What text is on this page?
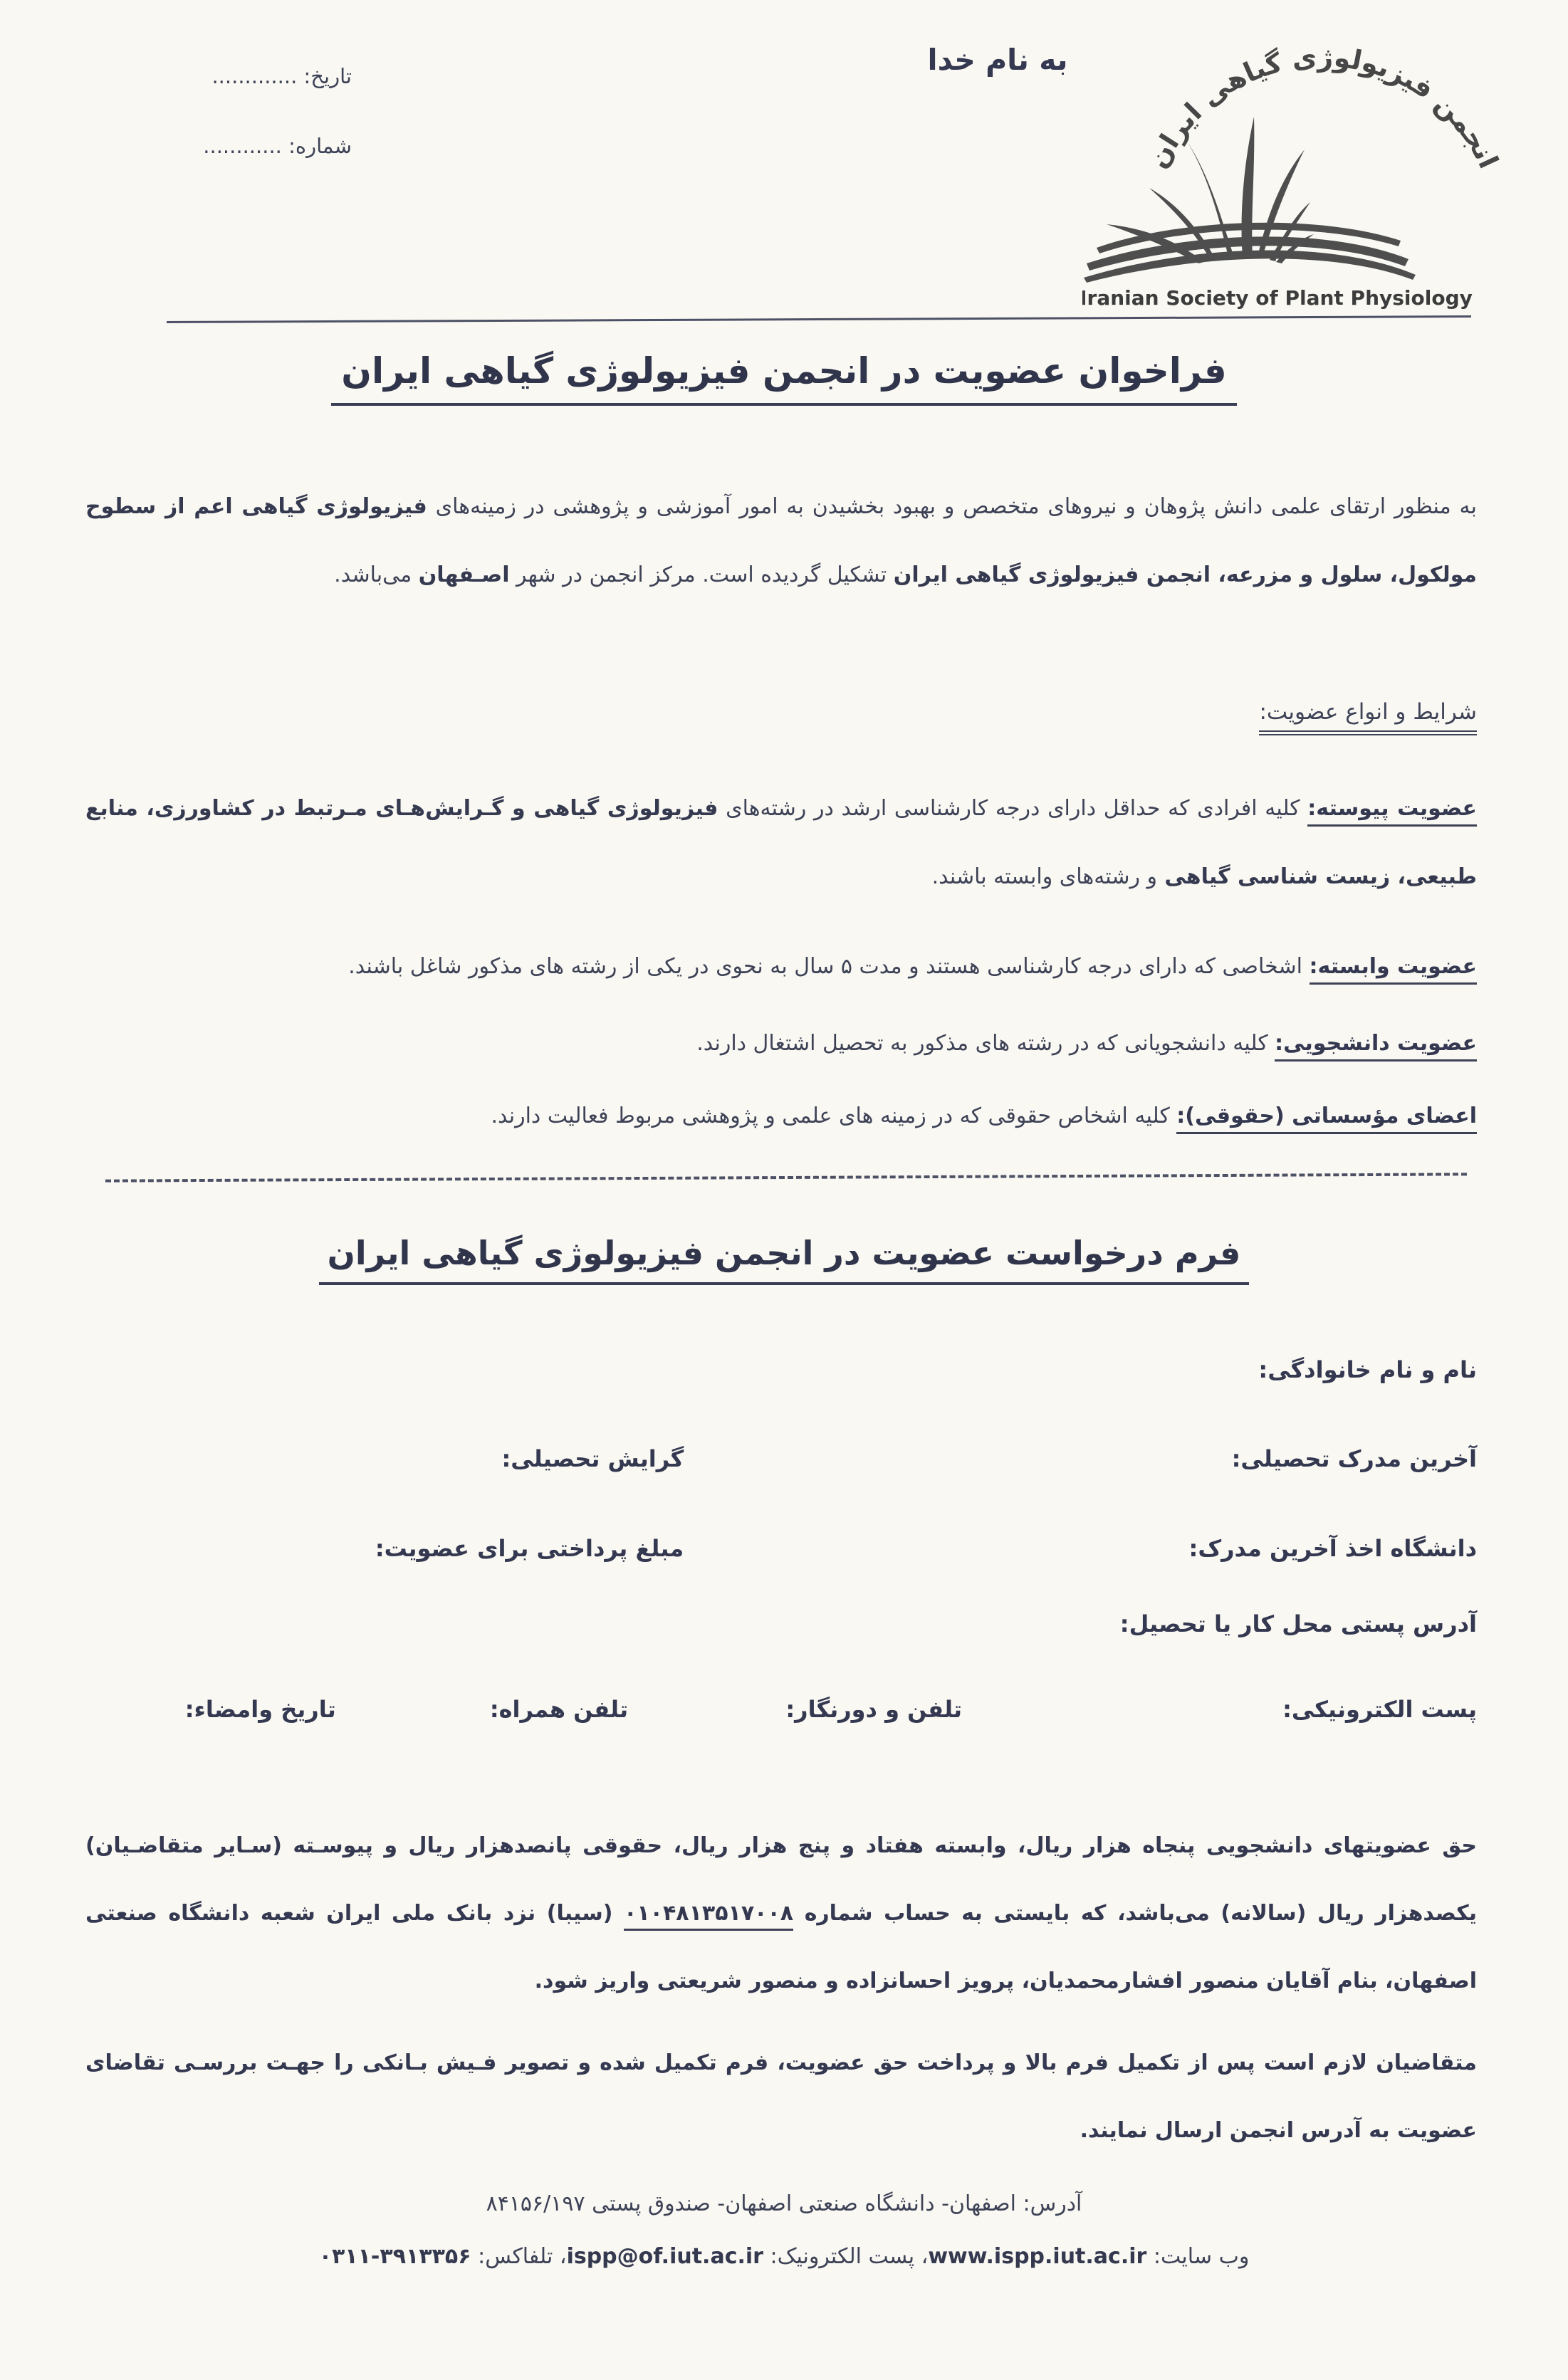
تاریخ: .............
شماره: ............
به نام خدا
انجمن فیزیولوژی گیاهی ایران
Iranian Society of Plant Physiology
فراخوان عضویت در انجمن فیزیولوژی گیاهی ایران

به منظور ارتقای علمی دانش پژوهان و نیروهای متخصص و بهبود بخشیدن به امور آموزشی و پژوهشی در زمینه‌های فیزیولوژی گیاهی اعم از سطوح مولکول، سلول و مزرعه، انجمن فیزیولوژی گیاهی ایران تشکیل گردیده است. مرکز انجمن در شهر اصـفهان می‌باشد.

شرایط و انواع عضویت:

عضویت پیوسته: کلیه افرادی که حداقل دارای درجه کارشناسی ارشد در رشته‌های فیزیولوژی گیاهی و گـرایش‌هـای مـرتبط در کشاورزی، منابع طبیعی، زیست شناسی گیاهی و رشته‌های وابسته باشند.

عضویت وابسته: اشخاصی که دارای درجه کارشناسی هستند و مدت ۵ سال به نحوی در یکی از رشته های مذکور شاغل باشند.

عضویت دانشجویی: کلیه دانشجویانی که در رشته های مذکور به تحصیل اشتغال دارند.

اعضای مؤسساتی (حقوقی): کلیه اشخاص حقوقی که در زمینه های علمی و پژوهشی مربوط فعالیت دارند.

فرم درخواست عضویت در انجمن فیزیولوژی گیاهی ایران
نام و نام خانوادگی:
آخرین مدرک تحصیلی:
گرایش تحصیلی:
دانشگاه اخذ آخرین مدرک:
مبلغ پرداختی برای عضویت:
آدرس پستی محل کار یا تحصیل:
پست الکترونیکی:
تلفن و دورنگار:
تلفن همراه:
تاریخ وامضاء:

حق عضویتهای دانشجویی پنجاه هزار ریال، وابسته هفتاد و پنج هزار ریال، حقوقی پانصدهزار ریال و پیوسـته (سـایر متقاضـیان) یکصدهزار ریال (سالانه) می‌باشد، که بایستی به حساب شماره ۰۱۰۴۸۱۳۵۱۷۰۰۸ (سیبا) نزد بانک ملی ایران شعبه دانشگاه صنعتی اصفهان، بنام آقایان منصور افشارمحمدیان، پرویز احسانزاده و منصور شریعتی واریز شود.

متقاضیان لازم است پس از تکمیل فرم بالا و پرداخت حق عضویت، فرم تکمیل شده و تصویر فـیش بـانکی را جهـت بررسـی تقاضای عضویت به آدرس انجمن ارسال نمایند.

آدرس: اصفهان- دانشگاه صنعتی اصفهان- صندوق پستی ۸۴۱۵۶/۱۹۷
وب سایت: www.ispp.iut.ac.ir، پست الکترونیک: ispp@of.iut.ac.ir، تلفاکس: ۰۳۱۱-۳۹۱۳۳۵۶
